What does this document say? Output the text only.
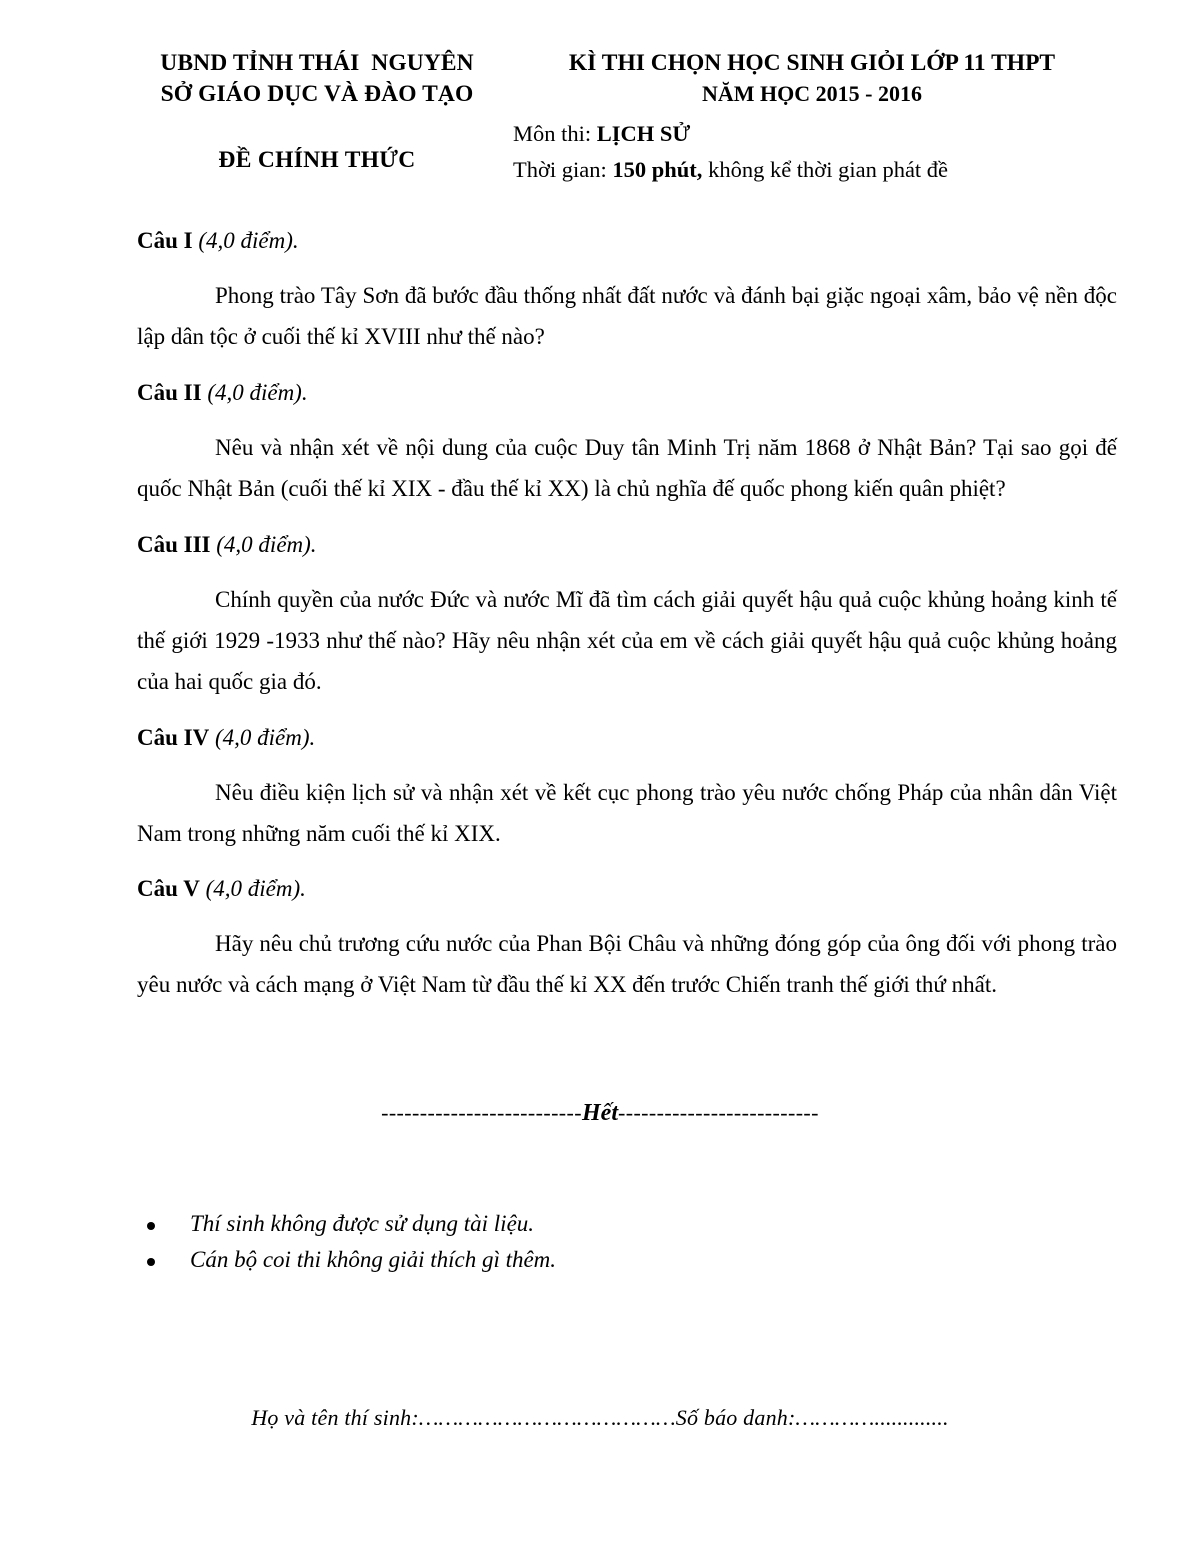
UBND TỈNH THÁI  NGUYÊN
SỞ GIÁO DỤC VÀ ĐÀO TẠO
ĐỀ CHÍNH THỨC
KÌ THI CHỌN HỌC SINH GIỎI LỚP 11 THPT
NĂM HỌC 2015 - 2016
Môn thi: LỊCH SỬ
Thời gian: 150 phút, không kể thời gian phát đề
Câu I (4,0 điểm).
Phong trào Tây Sơn đã bước đầu thống nhất đất nước và đánh bại giặc ngoại xâm, bảo vệ nền độc lập dân tộc ở cuối thế kỉ XVIII như thế nào?
Câu II (4,0 điểm).
Nêu và nhận xét về nội dung của cuộc Duy tân Minh Trị năm 1868 ở Nhật Bản? Tại sao gọi đế quốc Nhật Bản (cuối thế kỉ XIX - đầu thế kỉ XX) là chủ nghĩa đế quốc phong kiến quân phiệt?
Câu III (4,0 điểm).
Chính quyền của nước Đức và nước Mĩ đã tìm cách giải quyết hậu quả cuộc khủng hoảng kinh tế thế giới 1929 -1933 như thế nào? Hãy nêu nhận xét của em về cách giải quyết hậu quả cuộc khủng hoảng của hai quốc gia đó.
Câu IV (4,0 điểm).
Nêu điều kiện lịch sử và nhận xét về kết cục phong trào yêu nước chống Pháp của nhân dân Việt Nam trong những năm cuối thế kỉ XIX.
Câu V (4,0 điểm).
Hãy nêu chủ trương cứu nước của Phan Bội Châu và những đóng góp của ông đối với phong trào yêu nước và cách mạng ở Việt Nam từ đầu thế kỉ XX đến trước Chiến tranh thế giới thứ nhất.
--------------------------Hết--------------------------
Thí sinh không được sử dụng tài liệu.
Cán bộ coi thi không giải thích gì thêm.
Họ và tên thí sinh:…………………………………Số báo danh:………….............
